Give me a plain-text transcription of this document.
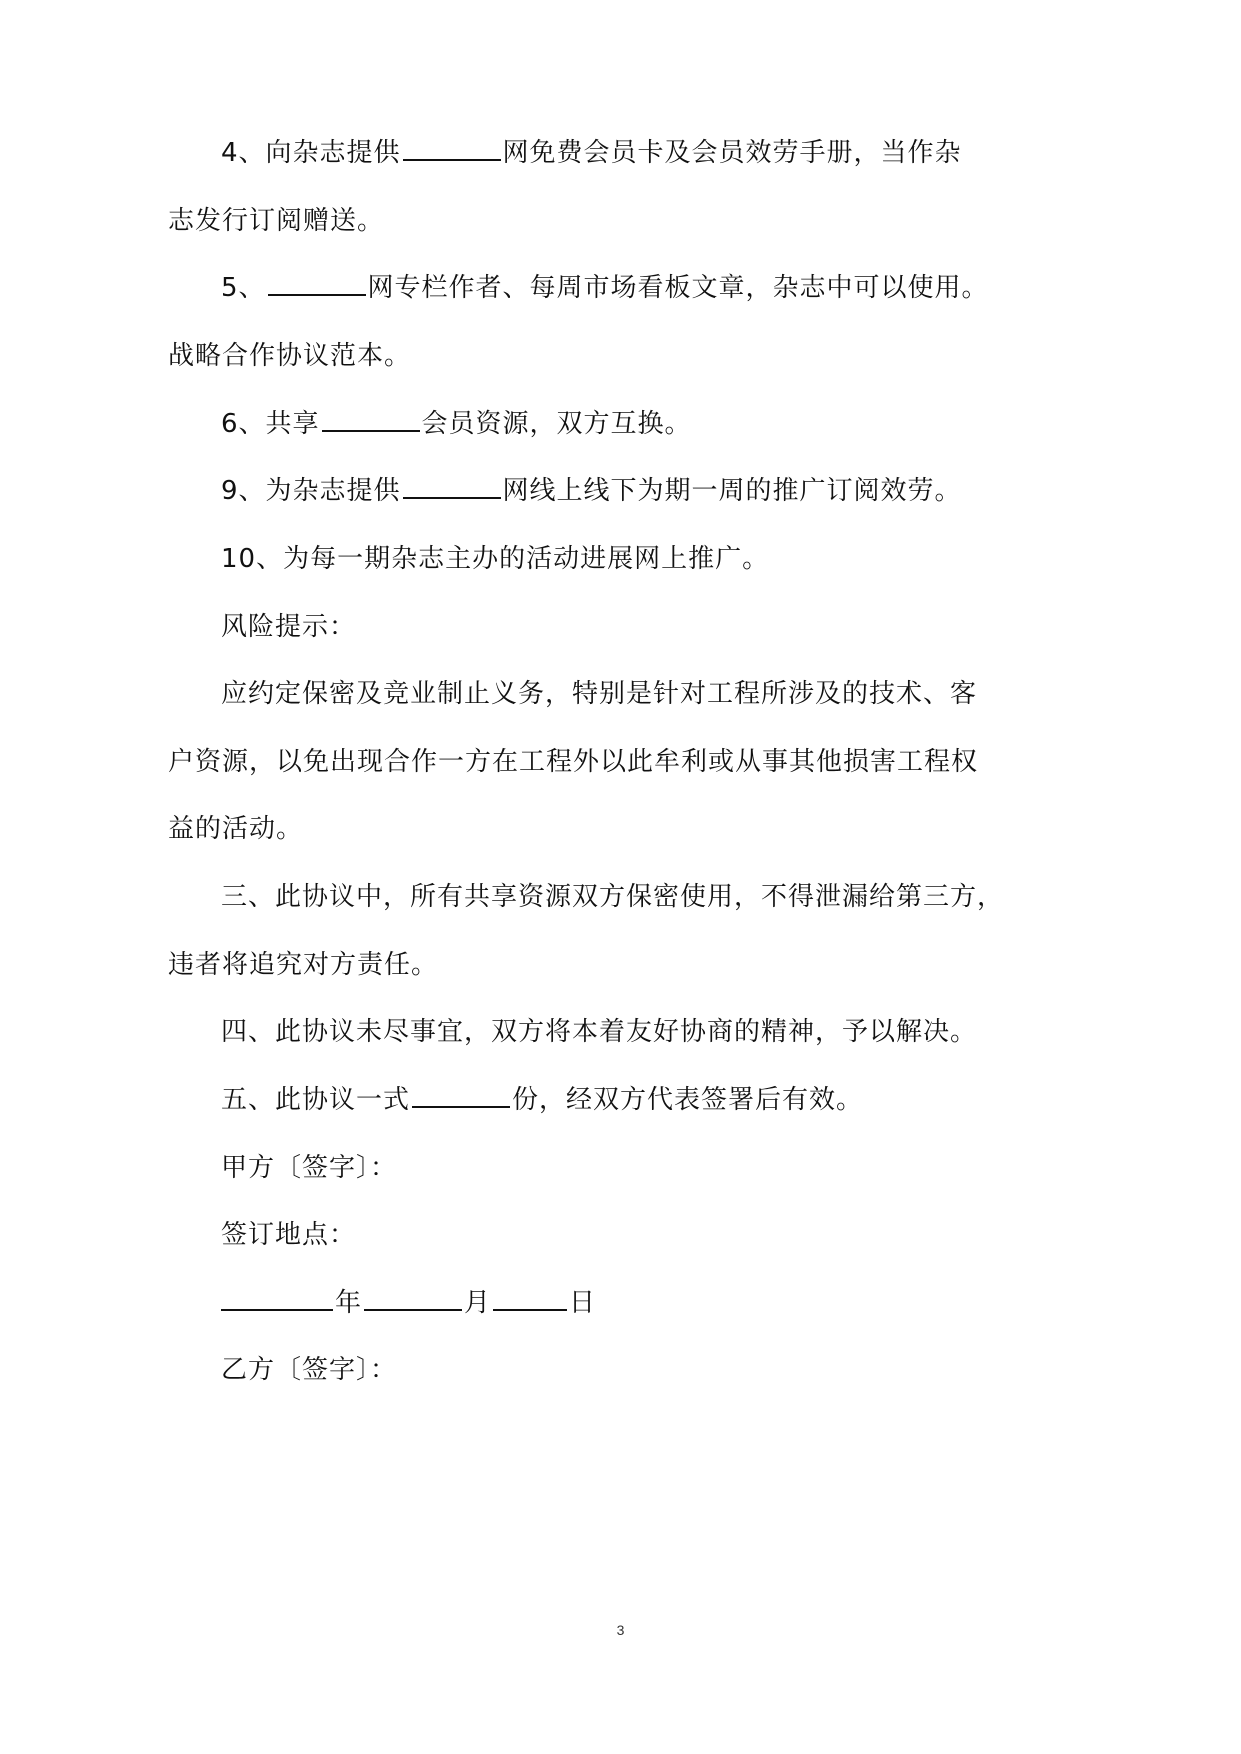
4、向杂志提供	网免费会员卡及会员效劳手册，当作杂
志发行订阅赠送。
5、	网专栏作者、每周市场看板文章，杂志中可以使用。
战略合作协议范本。
6、共享	会员资源，双方互换。
9、为杂志提供	网线上线下为期一周的推广订阅效劳。
10、为每一期杂志主办的活动进展网上推广。
风险提示：
应约定保密及竞业制止义务，特别是针对工程所涉及的技术、客
户资源，以免出现合作一方在工程外以此牟利或从事其他损害工程权
益的活动。
三、此协议中，所有共享资源双方保密使用，不得泄漏给第三方，
违者将追究对方责任。
四、此协议未尽事宜，双方将本着友好协商的精神，予以解决。
五、此协议一式	份，经双方代表签署后有效。
甲方〔签字〕：
签订地点：
年	月	日
乙方〔签字〕：
3
